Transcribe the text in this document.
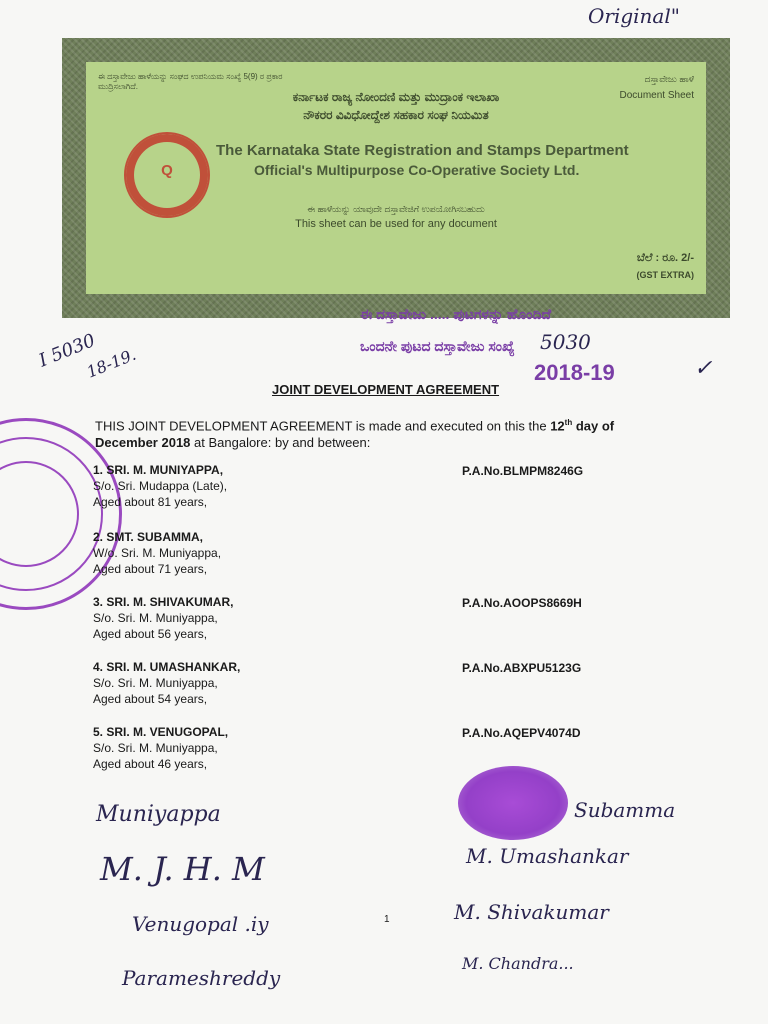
Original"
I 5030
18-19.	✓
ಈ ದಸ್ತಾವೇಜು ಹಾಳೆಯನ್ನು ಸಂಘದ ಉಪನಿಯಮ ಸಂಖ್ಯೆ 5(9) ರ ಪ್ರಕಾರ ಮುದ್ರಿಸಲಾಗಿದೆ.
ದಸ್ತಾವೇಜು ಹಾಳೆ
Document Sheet
ಕರ್ನಾಟಕ ರಾಜ್ಯ ನೋಂದಣಿ ಮತ್ತು ಮುದ್ರಾಂಕ ಇಲಾಖಾ
ನೌಕರರ ವಿವಿಧೋದ್ದೇಶ ಸಹಕಾರ ಸಂಘ ನಿಯಮಿತ
The Karnataka State Registration and Stamps Department
Official's Multipurpose Co-Operative Society Ltd.
ಈ ಹಾಳೆಯನ್ನು ಯಾವುದೇ ದಸ್ತಾವೇಜಿಗೆ ಉಪಯೋಗಿಸಬಹುದು
This sheet can be used for any document
ಬೆಲೆ : ರೂ. 2/-
(GST EXTRA)
Q
ಈ ದಸ್ತಾವೇಜು ..... ಪುಟಗಳನ್ನು ಹೊಂದಿದೆ
ಒಂದನೇ ಪುಟದ ದಸ್ತಾವೇಜು ಸಂಖ್ಯೆ 5030
2018-19
JOINT DEVELOPMENT AGREEMENT
THIS JOINT DEVELOPMENT AGREEMENT is made and executed on this the 12th day of
December 2018 at Bangalore: by and between:
1. SRI. M. MUNIYAPPA,
S/o. Sri. Mudappa (Late),
Aged about 81 years,
P.A.No.BLMPM8246G
2. SMT. SUBAMMA,
W/o. Sri. M. Muniyappa,
Aged about 71 years,
3. SRI. M. SHIVAKUMAR,
S/o. Sri. M. Muniyappa,
Aged about 56 years,
P.A.No.AOOPS8669H
4. SRI. M. UMASHANKAR,
S/o. Sri. M. Muniyappa,
Aged about 54 years,
P.A.No.ABXPU5123G
5. SRI. M. VENUGOPAL,
S/o. Sri. M. Muniyappa,
Aged about 46 years,
P.A.No.AQEPV4074D
Muniyappa
M. J. H. M
Venugopal .iy
Parameshreddy
Subamma
M. Umashankar
M. Shivakumar
M. Chandra...
1
